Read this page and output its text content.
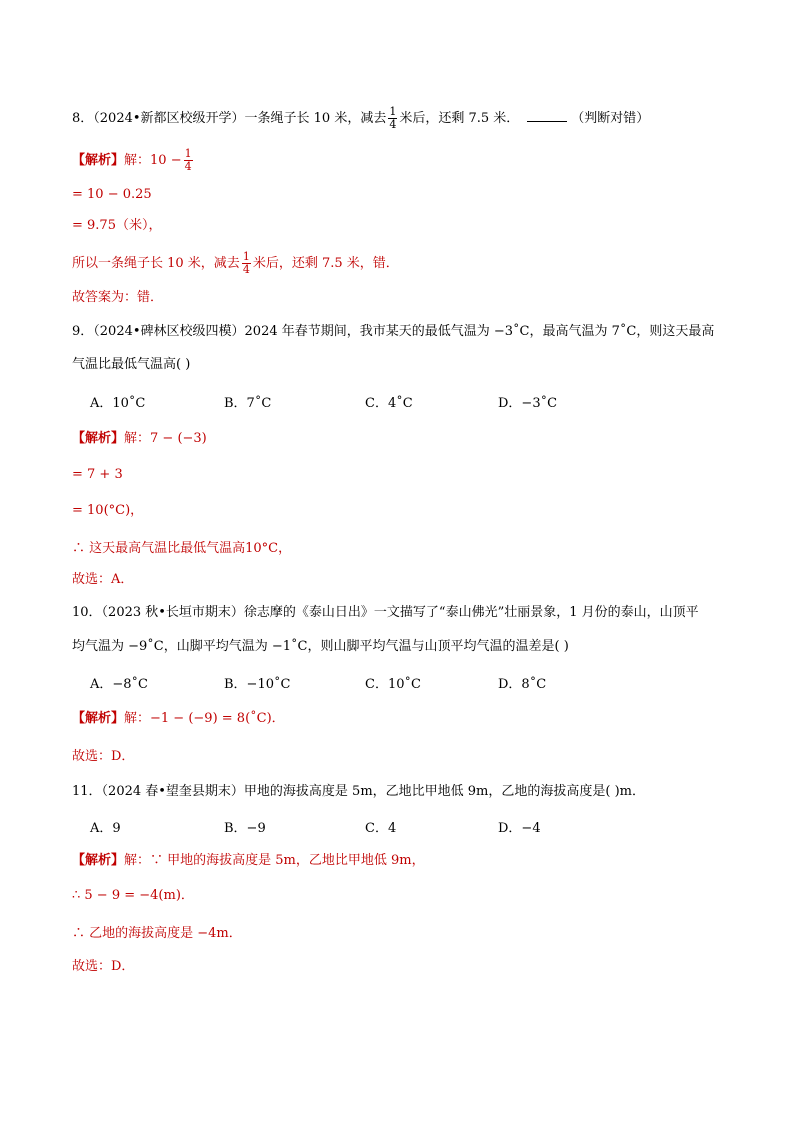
8．（2024•新都区校级开学）一条绳子长 10 米，减去 $\frac{1}{4}$ 米后，还剩 7.5 米．	（判断对错）
【解析】解：$10 - \frac{1}{4}$
= 10 − 0.25
= 9.75（米），
所以一条绳子长 10 米，减去 $\frac{1}{4}$ 米后，还剩 7.5 米，错．
故答案为：错．
9．（2024•碑林区校级四模）2024 年春节期间，我市某天的最低气温为 −3˚C，最高气温为 7˚C，则这天最高
气温比最低气温高( )
A．10˚C	B．7˚C	C．4˚C	D．−3˚C
【解析】解：7 − (−3)
= 7 + 3
= 10(°C)，
∴ 这天最高气温比最低气温高10°C，
故选：A．
10．（2023 秋•长垣市期末）徐志摩的《泰山日出》一文描写了“泰山佛光”壮丽景象，1 月份的泰山，山顶平
均气温为 −9˚C，山脚平均气温为 −1˚C，则山脚平均气温与山顶平均气温的温差是( )
A．−8˚C	B．−10˚C	C．10˚C	D．8˚C
【解析】解：−1 − (−9) = 8(˚C)．
故选：D．
11．（2024 春•望奎县期末）甲地的海拔高度是 5m，乙地比甲地低 9m，乙地的海拔高度是( )m．
A．9	B．−9	C．4	D．−4
【解析】解：∵ 甲地的海拔高度是 5m，乙地比甲地低 9m，
∴ 5 − 9 = −4(m)．
∴ 乙地的海拔高度是 −4m．
故选：D．
